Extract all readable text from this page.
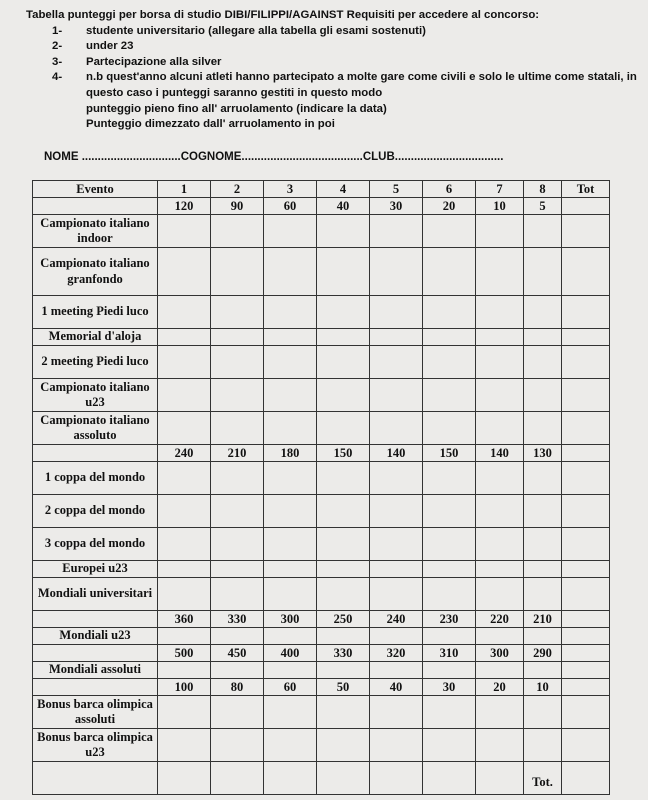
Tabella punteggi per borsa di studio DIBI/FILIPPI/AGAINST Requisiti per accedere al concorso:
1-	studente universitario (allegare alla tabella gli esami sostenuti)
2-	under 23
3-	Partecipazione alla silver
4-	n.b quest'anno alcuni atleti hanno partecipato a molte gare come civili e solo le ultime come statali, in questo caso i punteggi saranno gestiti in questo modo
punteggio pieno fino all' arruolamento (indicare la data)
Punteggio dimezzato dall' arruolamento in poi
NOME ...............................COGNOME......................................CLUB..................................
Evento	1	2	3	4	5	6	7	8	Tot
	120	90	60	40	30	20	10	5	
Campionato italiano indoor									
Campionato italiano granfondo									
1 meeting Piedi luco									
Memorial d'aloja									
2 meeting Piedi luco									
Campionato italiano u23									
Campionato italiano assoluto									
	240	210	180	150	140	150	140	130	
1 coppa del mondo									
2 coppa del mondo									
3 coppa del mondo									
Europei u23									
Mondiali universitari									
	360	330	300	250	240	230	220	210	
Mondiali u23									
	500	450	400	330	320	310	300	290	
Mondiali assoluti									
	100	80	60	50	40	30	20	10	
Bonus barca olimpica assoluti									
Bonus barca olimpica u23									
								Tot.	
